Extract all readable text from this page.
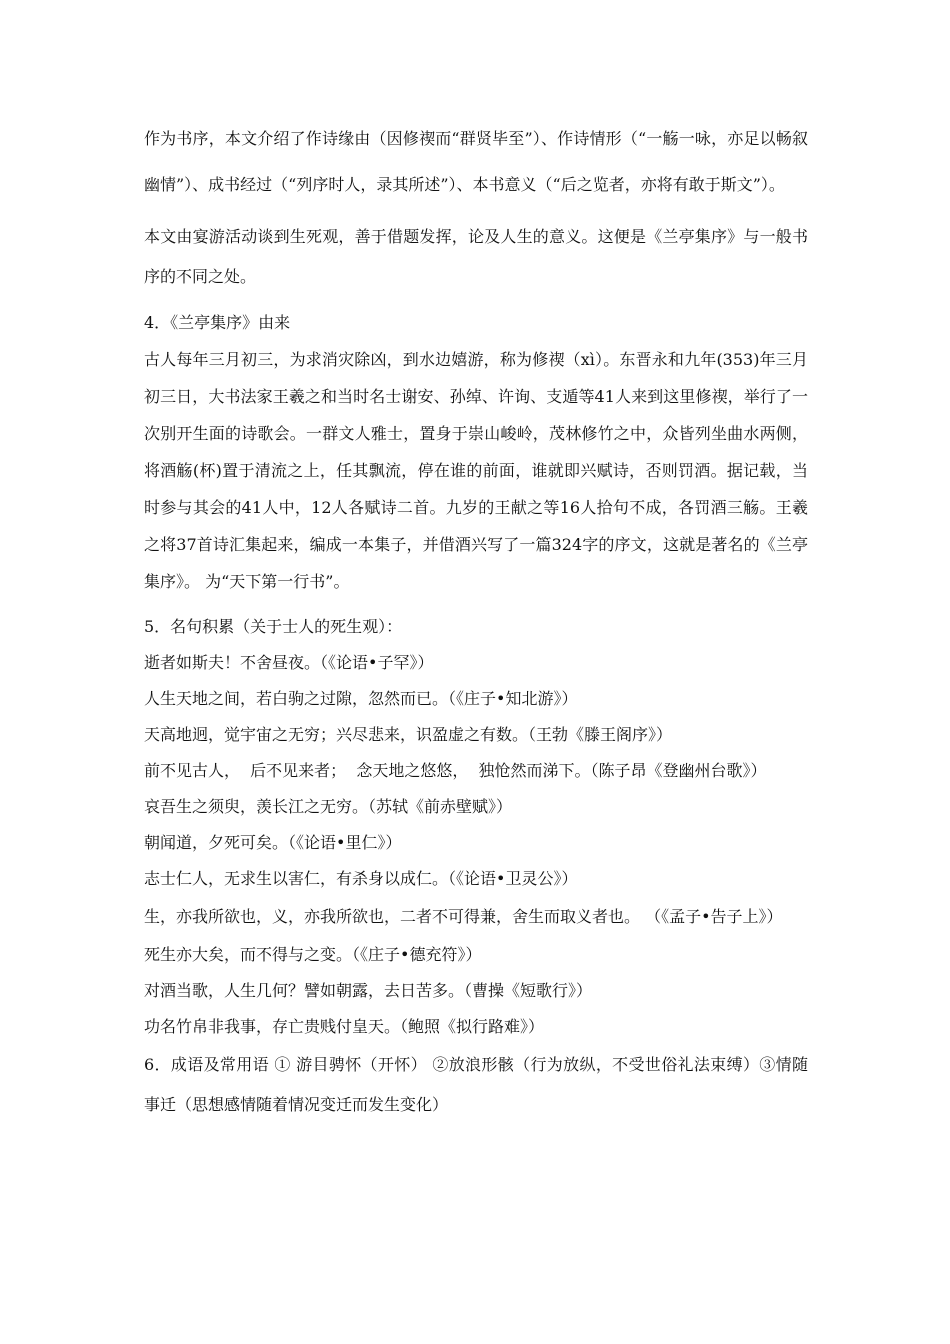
作为书序，本文介绍了作诗缘由（因修禊而“群贤毕至”）、作诗情形（“一觞一咏，亦足以畅叙幽情”）、成书经过（“列序时人，录其所述”）、本书意义（“后之览者，亦将有敢于斯文”）。

本文由宴游活动谈到生死观，善于借题发挥，论及人生的意义。这便是《兰亭集序》与一般书序的不同之处。

4．《兰亭集序》由来

古人每年三月初三，为求消灾除凶，到水边嬉游，称为修禊（xì）。东晋永和九年(353)年三月初三日，大书法家王羲之和当时名士谢安、孙绰、许询、支遁等41人来到这里修禊，举行了一次别开生面的诗歌会。一群文人雅士，置身于崇山峻岭，茂林修竹之中，众皆列坐曲水两侧，将酒觞(杯)置于清流之上，任其飘流，停在谁的前面，谁就即兴赋诗，否则罚酒。据记载，当时参与其会的41人中，12人各赋诗二首。九岁的王献之等16人拾句不成，各罚酒三觞。王羲之将37首诗汇集起来，编成一本集子，并借酒兴写了一篇324字的序文，这就是著名的《兰亭集序》。 为“天下第一行书”。

5．名句积累（关于士人的死生观）：

逝者如斯夫！不舍昼夜。（《论语•子罕》）

人生天地之间，若白驹之过隙，忽然而已。（《庄子•知北游》）

天高地迥，觉宇宙之无穷；兴尽悲来，识盈虚之有数。（王勃《滕王阁序》）

前不见古人，  后不见来者；  念天地之悠悠，  独怆然而涕下。（陈子昂《登幽州台歌》）

哀吾生之须臾，羡长江之无穷。（苏轼《前赤壁赋》）

朝闻道，夕死可矣。（《论语•里仁》）

志士仁人，无求生以害仁，有杀身以成仁。（《论语•卫灵公》）

生，亦我所欲也，义，亦我所欲也，二者不可得兼，舍生而取义者也。 （《孟子•告子上》）

死生亦大矣，而不得与之变。（《庄子•德充符》）

对酒当歌，人生几何？譬如朝露，去日苦多。（曹操《短歌行》）

功名竹帛非我事，存亡贵贱付皇天。（鲍照《拟行路难》）

6．成语及常用语 ① 游目骋怀（开怀） ②放浪形骸（行为放纵，不受世俗礼法束缚）③情随事迁（思想感情随着情况变迁而发生变化）
